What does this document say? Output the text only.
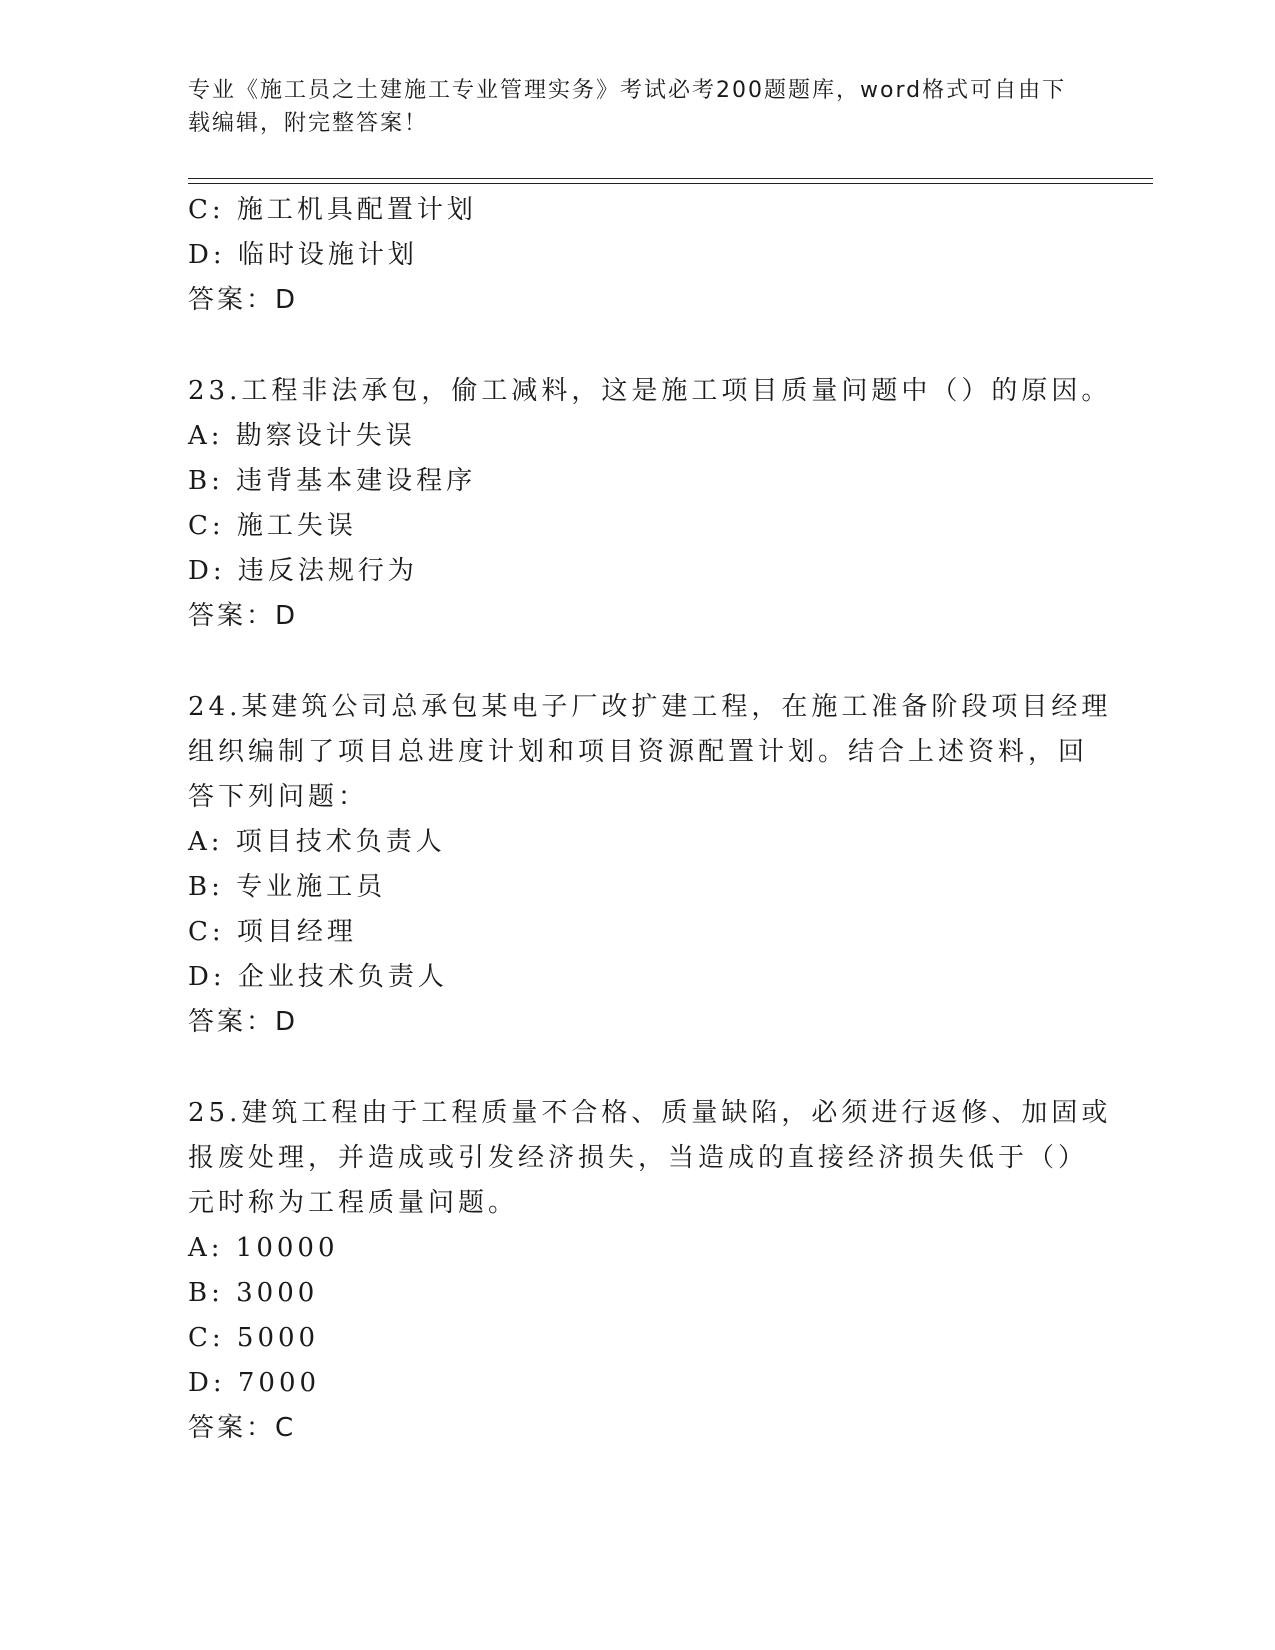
专业《施工员之土建施工专业管理实务》考试必考200题题库，word格式可自由下载编辑，附完整答案！
C: 施工机具配置计划
D: 临时设施计划
答案：D
23.工程非法承包，偷工减料，这是施工项目质量问题中（）的原因。
A: 勘察设计失误
B: 违背基本建设程序
C: 施工失误
D: 违反法规行为
答案：D
24.某建筑公司总承包某电子厂改扩建工程，在施工准备阶段项目经理
组织编制了项目总进度计划和项目资源配置计划。结合上述资料，回
答下列问题：
A: 项目技术负责人
B: 专业施工员
C: 项目经理
D: 企业技术负责人
答案：D
25.建筑工程由于工程质量不合格、质量缺陷，必须进行返修、加固或
报废处理，并造成或引发经济损失，当造成的直接经济损失低于（）
元时称为工程质量问题。
A: 10000
B: 3000
C: 5000
D: 7000
答案：C
